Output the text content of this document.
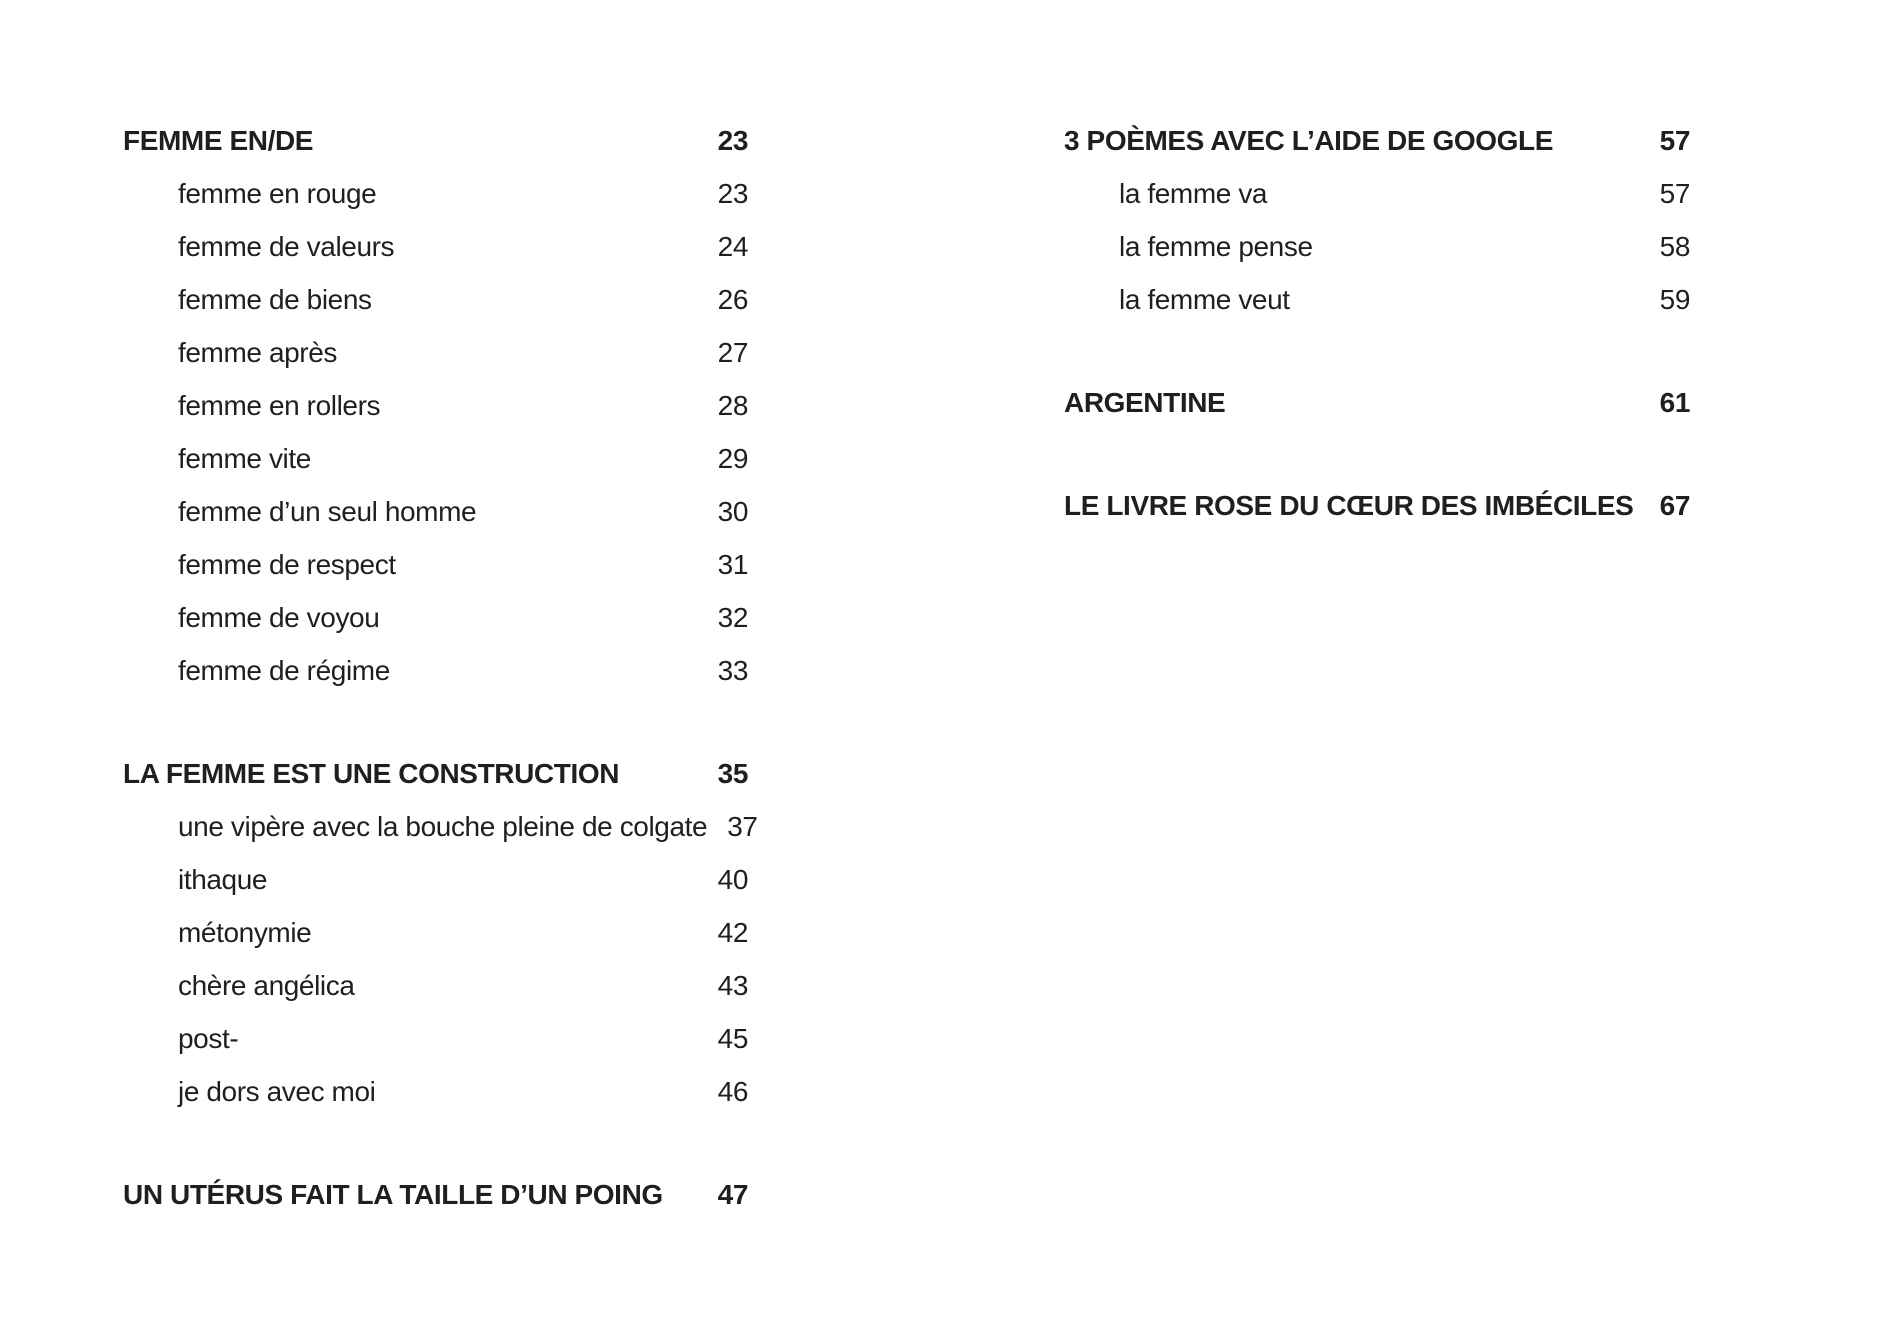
FEMME EN/DE	23
femme en rouge	23
femme de valeurs	24
femme de biens	26
femme après	27
femme en rollers	28
femme vite	29
femme d’un seul homme	30
femme de respect	31
femme de voyou	32
femme de régime	33
LA FEMME EST UNE CONSTRUCTION	35
une vipère avec la bouche pleine de colgate 37
ithaque	40
métonymie	42
chère angélica	43
post-	45
je dors avec moi	46
UN UTÉRUS FAIT LA TAILLE D’UN POING	47
3 POÈMES AVEC L’AIDE DE GOOGLE	57
la femme va	57
la femme pense	58
la femme veut	59
ARGENTINE	61
LE LIVRE ROSE DU CŒUR DES IMBÉCILES 67
